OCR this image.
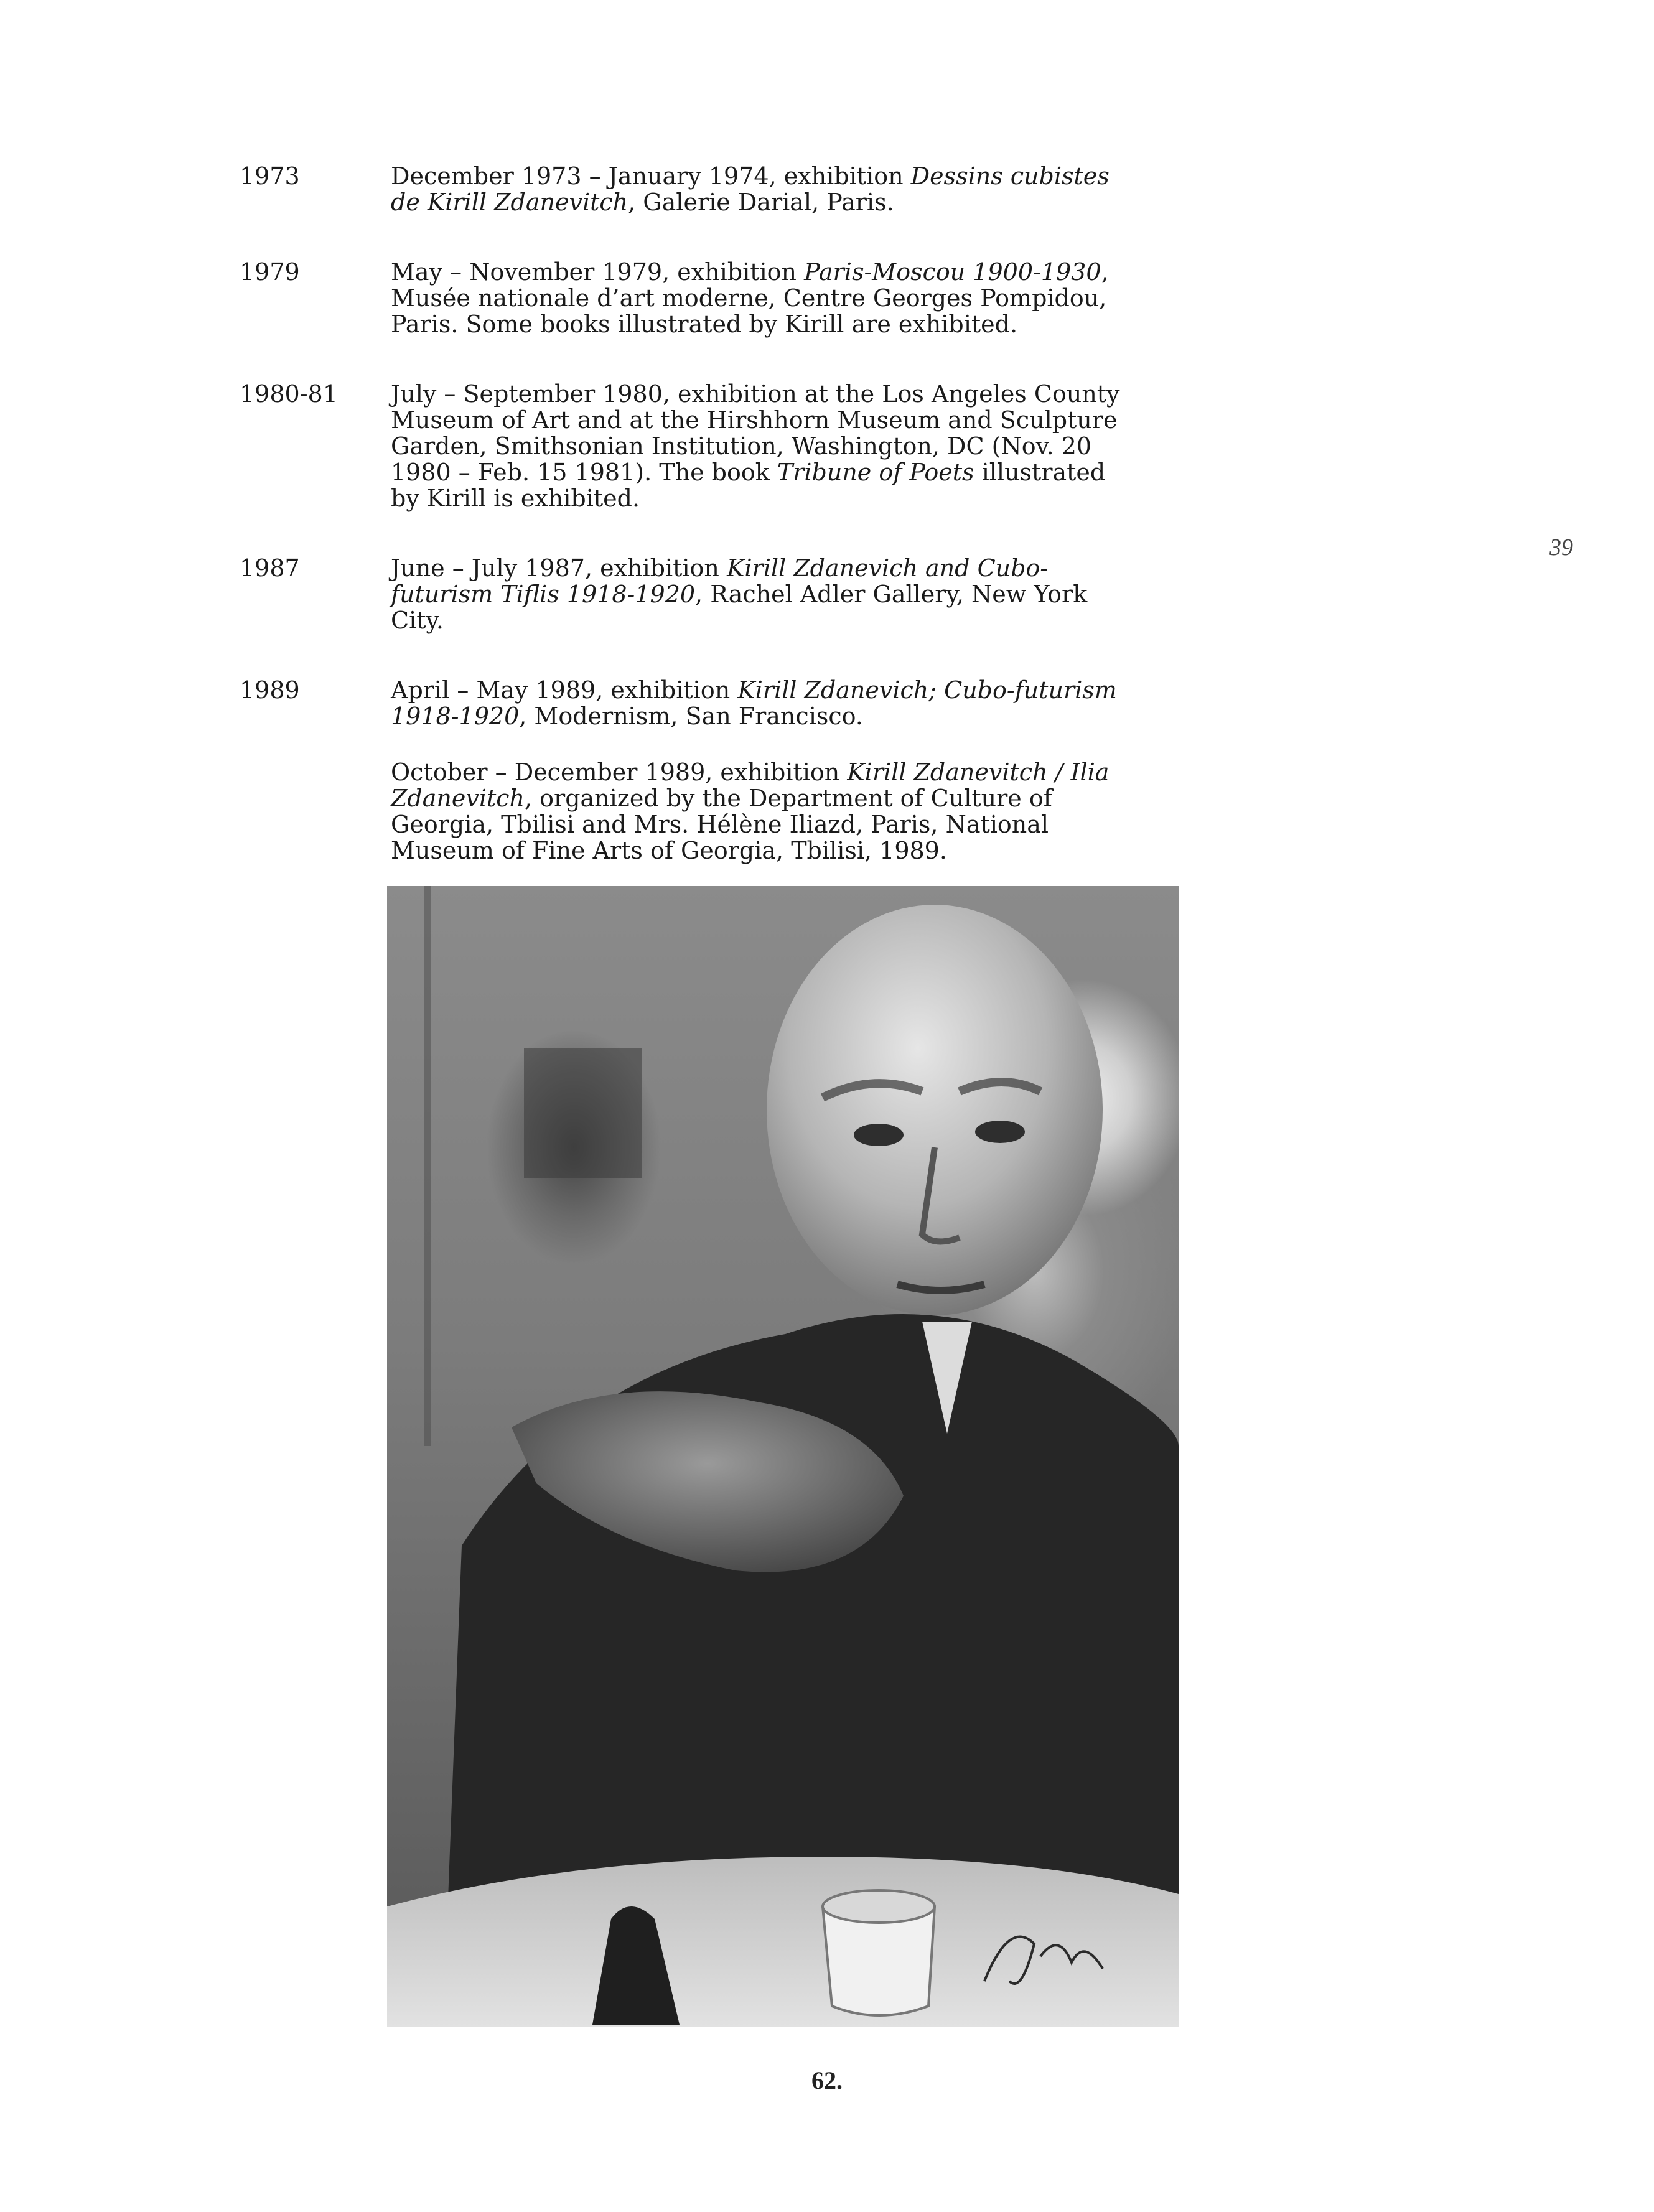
1973	December 1973 – January 1974, exhibition Dessins cubistes de Kirill Zdanevitch, Galerie Darial, Paris.
1979	May – November 1979, exhibition Paris-Moscou 1900-1930, Musée nationale d’art moderne, Centre Georges Pompidou, Paris. Some books illustrated by Kirill are exhibited.
1980-81	July – September 1980, exhibition at the Los Angeles County Museum of Art and at the Hirshhorn Museum and Sculpture Garden, Smithsonian Institution, Washington, DC (Nov. 20 1980 – Feb. 15 1981). The book Tribune of Poets illustrated by Kirill is exhibited.
1987	June – July 1987, exhibition Kirill Zdanevich and Cubo-futurism Tiflis 1918-1920, Rachel Adler Gallery, New York City.
1989	April – May 1989, exhibition Kirill Zdanevich; Cubo-futurism 1918-1920, Modernism, San Francisco.
October – December 1989, exhibition Kirill Zdanevitch / Ilia Zdanevitch, organized by the Department of Culture of Georgia, Tbilisi and Mrs. Hélène Iliazd, Paris, National Museum of Fine Arts of Georgia, Tbilisi, 1989.
39
62.
